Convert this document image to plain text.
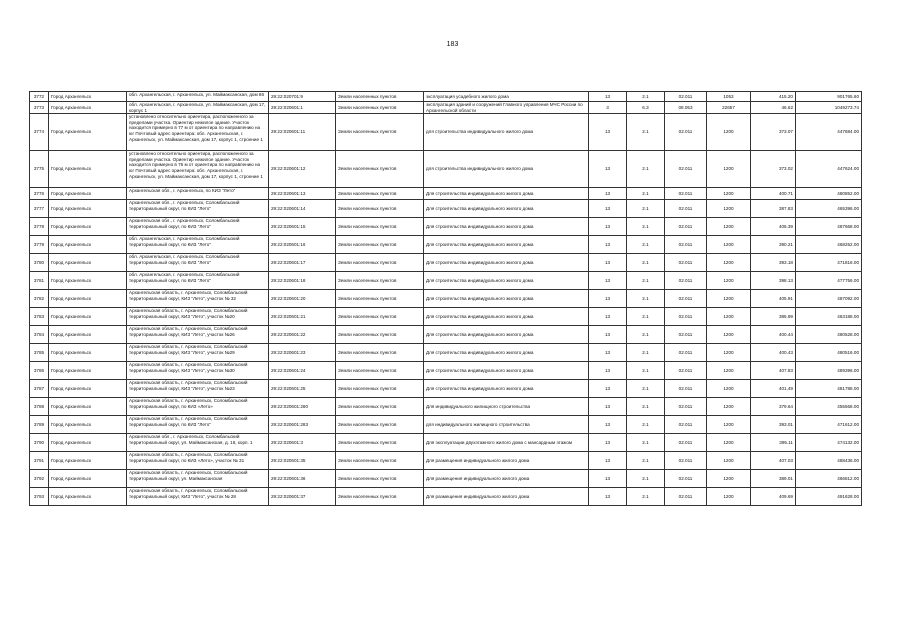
183
3772	Город Архангельск	обл. Архангельская, г. Архангельск, ул. Маймаксанская, дом 86	29:22:020701:9	Земли населенных пунктов	эксплуатация усадебного жилого дома	13	2.1	02.011	1053	415.20	901765.60
3773	Город Архангельск	обл. Архангельская, г. Архангельск, ул. Маймаксанская, дом 17, корпус 1	29:22:020601:1	Земли населенных пунктов	эксплуатация зданий и сооружений Главного управления МЧС России по Архангельской области	3	6.3	08.053	22657	46.62	1049273.74
3774	Город Архангельск	установлено относительно ориентира, расположенного за пределами участка. Ориентир нежилое здание. Участок находится примерно в 77 м от ориентира по направлению на юг Почтовый адрес ориентира: обл. Архангельская, г. Архангельск, ул. Маймаксанская, дом 17, корпус 1, строение 1	29:22:020601:11	Земли населенных пунктов	для строительства индивидуального жилого дома	13	2.1	02.011	1200	373.07	447684.00
3775	Город Архангельск	установлено относительно ориентира, расположенного за пределами участка. Ориентир нежилое здание. Участок находится примерно в 76 м от ориентира по направлению на юг Почтовый адрес ориентира: обл. Архангельская, г. Архангельск, ул. Маймаксанская, дом 17, корпус 1, строение 1	29:22:020601:12	Земли населенных пунктов	для строительства индивидуального жилого дома	13	2.1	02.011	1200	373.02	447624.00
3776	Город Архангельск	Архангельская обл., г. Архангельск, по КИЗ "Лето"	29:22:020601:13	Земли населенных пунктов	Для строительства индивидуального жилого дома	13	2.1	02.011	1200	400.71	480852.00
3777	Город Архангельск	Архангельская обл., г. Архангельск, Соломбальский территориальный округ, по КИЗ "Лето"	29:22:020601:14	Земли населенных пунктов	Для строительства индивидуального жилого дома	13	2.1	02.011	1200	387.83	465396.00
3778	Город Архангельск	Архангельская обл., г. Архангельск, Соломбальский территориальный округ, по КИЗ "Лето"	29:22:020601:15	Земли населенных пунктов	Для строительства индивидуального жилого дома	13	2.1	02.011	1200	406.39	487668.00
3779	Город Архангельск	обл. Архангельская, г. Архангельск, Соломбальский территориальный округ, по КИЗ "Лето"	29:22:020601:16	Земли населенных пунктов	Для строительства индивидуального жилого дома	13	2.1	02.011	1200	390.21	468252.00
3780	Город Архангельск	обл. Архангельская, г. Архангельск, Соломбальский территориальный округ, по КИЗ "Лето"	29:22:020601:17	Земли населенных пунктов	Для строительства индивидуального жилого дома	13	2.1	02.011	1200	393.18	471816.00
3781	Город Архангельск	обл. Архангельская, г. Архангельск, Соломбальский территориальный округ, по КИЗ "Лето"	29:22:020601:18	Земли населенных пунктов	Для строительства индивидуального жилого дома	13	2.1	02.011	1200	398.13	477756.00
3782	Город Архангельск	Архангельская область, г. Архангельск, Соломбальский территориальный округ, КИЗ "Лето", участок № 32	29:22:020601:20	Земли населенных пунктов	Для строительства индивидуального жилого дома	13	2.1	02.011	1200	405.91	487092.00
3783	Город Архангельск	Архангельская область, г. Архангельск, Соломбальский территориальный округ, КИЗ "Лето", участок №20	29:22:020601:21	Земли населенных пунктов	Для строительства индивидуального жилого дома	13	2.1	02.011	1200	385.99	463188.00
3784	Город Архангельск	Архангельская область, г. Архангельск, Соломбальский территориальный округ, КИЗ "Лето", участок №26	29:22:020601:22	Земли населенных пунктов	Для строительства индивидуального жилого дома	13	2.1	02.011	1200	400.44	480528.00
3785	Город Архангельск	Архангельская область, г. Архангельск, Соломбальский территориальный округ, КИЗ "Лето", участок №29	29:22:020601:23	Земли населенных пунктов	Для строительства индивидуального жилого дома	13	2.1	02.011	1200	400.43	480516.00
3786	Город Архангельск	Архангельская область, г. Архангельск, Соломбальский территориальный округ, КИЗ "Лето", участок №30	29:22:020601:24	Земли населенных пунктов	Для строительства индивидуального жилого дома	13	2.1	02.011	1200	407.83	489396.00
3787	Город Архангельск	Архангельская область, г. Архангельск, Соломбальский территориальный округ, КИЗ "Лето", участок №23	29:22:020601:25	Земли населенных пунктов	Для строительства индивидуального жилого дома	13	2.1	02.011	1200	401.49	481788.00
3788	Город Архангельск	Архангельская область, г. Архангельск, Соломбальский территориальный округ, по КИЗ «Лето»	29:22:020601:280	Земли населенных пунктов	Для индивидуального жилищного строительства	13	2.1	02.011	1200	379.64	455568.00
3789	Город Архангельск	Архангельская область, г. Архангельск, Соломбальский территориальный округ, по КИЗ "Лето"	29:22:020601:283	Земли населенных пунктов	для индивидуального жилищного строительства	13	2.1	02.011	1200	393.01	471612.00
3790	Город Архангельск	Архангельская обл., г. Архангельск, Соломбальский территориальный округ, ул. Маймаксанская, д. 16, корп. 1	29:22:020601:3	Земли населенных пунктов	Для эксплуатации двухэтажного жилого дома с мансардным этажом	13	2.1	02.011	1200	395.11	474132.00
3791	Город Архангельск	Архангельская область, г. Архангельск, Соломбальский территориальный округ, по КИЗ «Лето», участок № 31	29:22:020601:35	Земли населенных пунктов	Для размещения индивидуального жилого дома	13	2.1	02.011	1200	407.03	488436.00
3792	Город Архангельск	Архангельская область, г. Архангельск, Соломбальский территориальный округ, ул. Маймаксанская	29:22:020601:36	Земли населенных пунктов	Для размещения индивидуального жилого дома	13	2.1	02.011	1200	389.01	466812.00
3793	Город Архангельск	Архангельская область, г. Архангельск, Соломбальский территориальный округ, КИЗ "Лето", участок № 28	29:22:020601:37	Земли населенных пунктов	Для размещения индивидуального жилого дома	13	2.1	02.011	1200	409.69	491628.00
